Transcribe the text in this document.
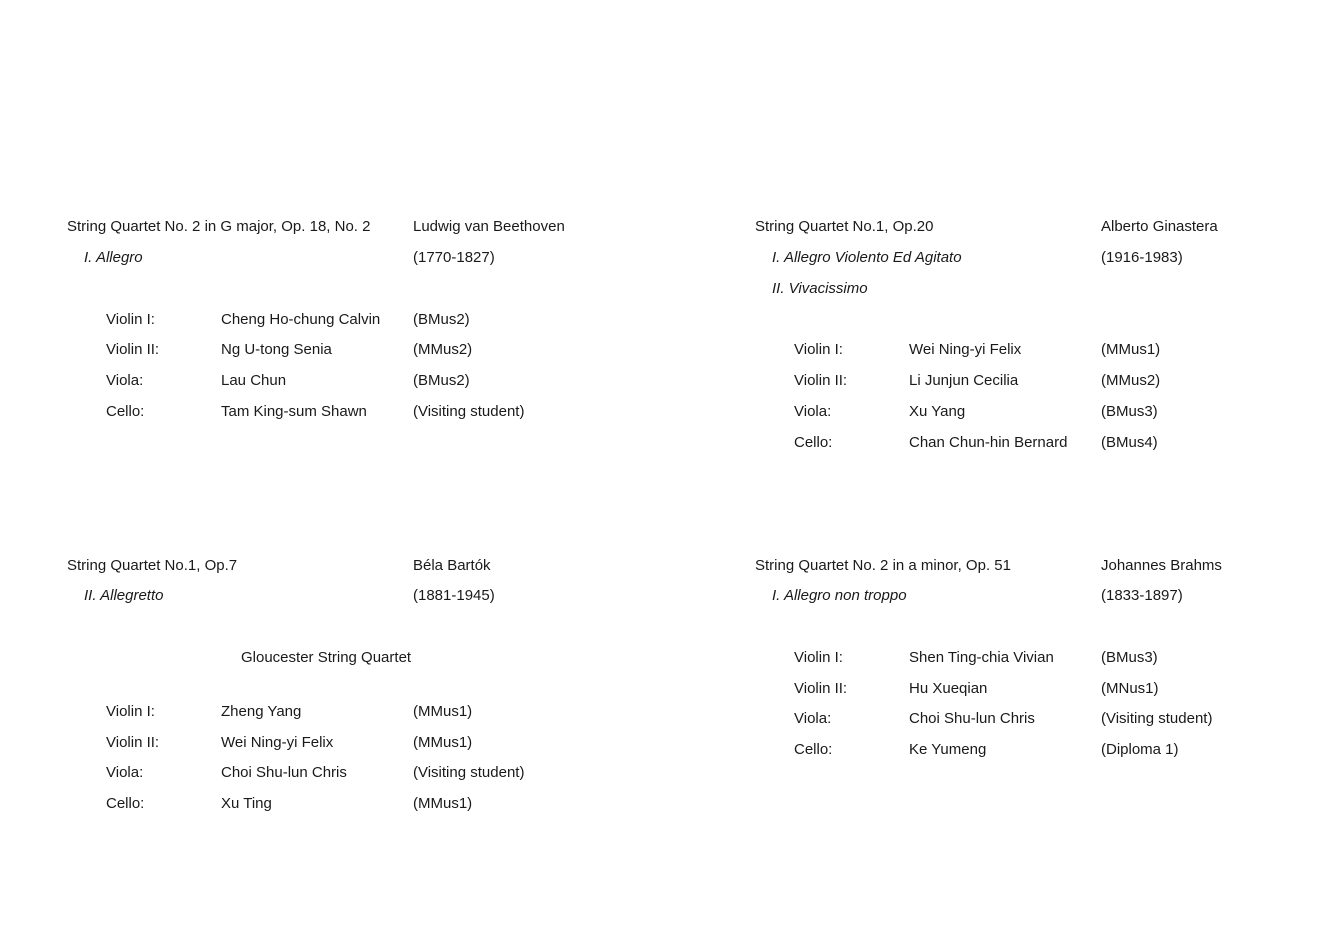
String Quartet No. 2 in G major, Op. 18, No. 2	Ludwig van Beethoven
I. Allegro	(1770-1827)
Violin I:	Cheng Ho-chung Calvin (BMus2)
Violin II:	Ng U-tong Senia	(MMus2)
Viola:	Lau Chun	(BMus2)
Cello:	Tam King-sum Shawn	(Visiting student)
String Quartet No.1, Op.20	Alberto Ginastera
I. Allegro Violento Ed Agitato	(1916-1983)
II. Vivacissimo
Violin I:	Wei Ning-yi Felix	(MMus1)
Violin II:	Li Junjun Cecilia	(MMus2)
Viola:	Xu Yang	(BMus3)
Cello:	Chan Chun-hin Bernard (BMus4)
String Quartet No.1, Op.7	Béla Bartók
II. Allegretto	(1881-1945)
Gloucester String Quartet
Violin I:	Zheng Yang	(MMus1)
Violin II:	Wei Ning-yi Felix	(MMus1)
Viola:	Choi Shu-lun Chris	(Visiting student)
Cello:	Xu Ting	(MMus1)
String Quartet No. 2 in a minor, Op. 51	Johannes Brahms
I. Allegro non troppo	(1833-1897)
Violin I:	Shen Ting-chia Vivian	(BMus3)
Violin II:	Hu Xueqian	(MNus1)
Viola:	Choi Shu-lun Chris	(Visiting student)
Cello:	Ke Yumeng	(Diploma 1)
